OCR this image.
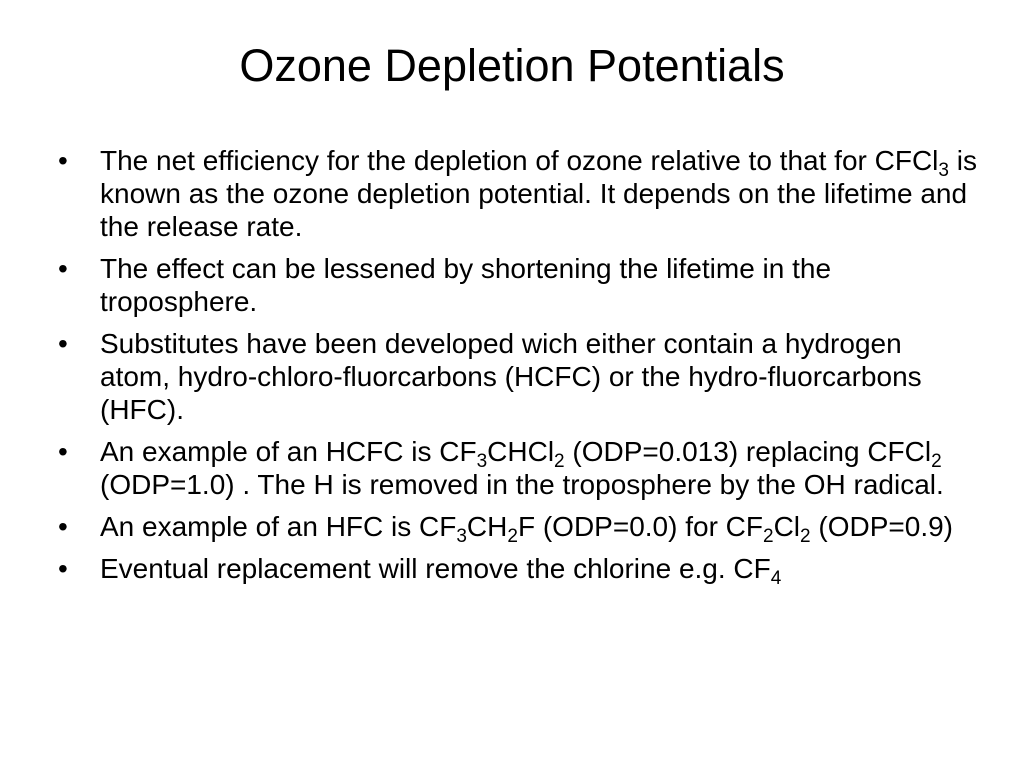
Ozone Depletion Potentials
• The net efficiency for the depletion of ozone relative to that for CFCl$_3$ is known as the ozone depletion potential. It depends on the lifetime and the release rate.
• The effect can be lessened by shortening the lifetime in the troposphere.
• Substitutes have been developed wich either contain a hydrogen atom, hydro-chloro-fluorcarbons (HCFC) or the hydro-fluorcarbons (HFC).
• An example of an HCFC is $CF_3CHCl_2$ (ODP=0.013) replacing CFCl$_2$ (ODP=1.0) . The H is removed in the troposphere by the OH radical.
• An example of an HFC is $CF_3CH_2F$ (ODP=0.0) for $CF_2Cl_2$ (ODP=0.9)
• Eventual replacement will remove the chlorine e.g. $CF_4$
